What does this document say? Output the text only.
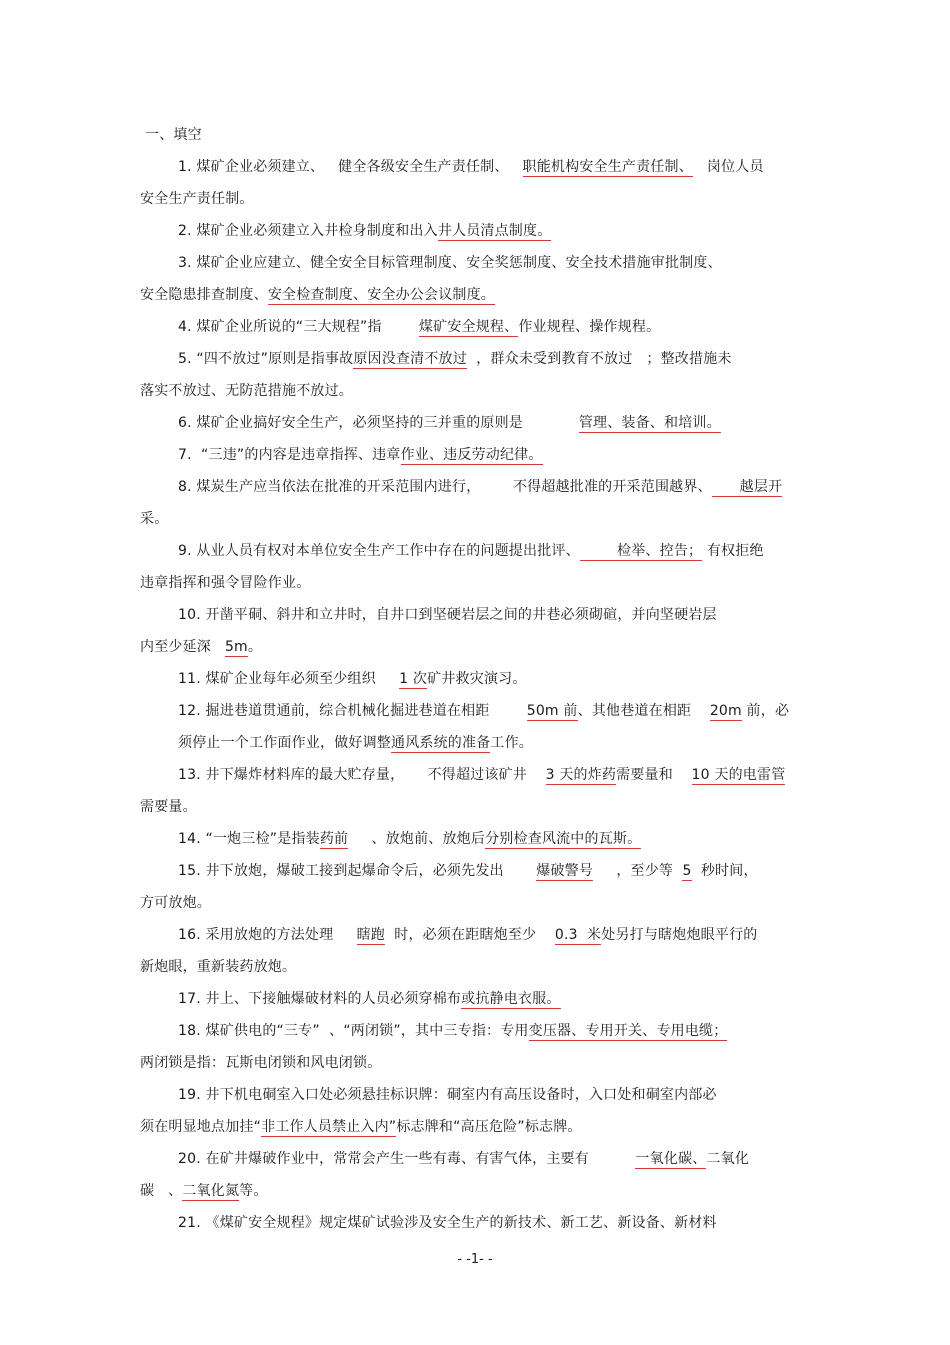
一、填空
1. 煤矿企业必须建立、   健全各级安全生产责任制、   职能机构安全生产责任制、   岗位人员
安全生产责任制。
2. 煤矿企业必须建立入井检身制度和出入井人员清点制度。
3. 煤矿企业应建立、健全安全目标管理制度、安全奖惩制度、安全技术措施审批制度、
安全隐患排查制度、安全检查制度、安全办公会议制度。
4. 煤矿企业所说的“三大规程”指        煤矿安全规程、作业规程、操作规程。
5. “四不放过”原则是指事故原因没查清不放过  ，群众未受到教育不放过   ；整改措施未
落实不放过、无防范措施不放过。
6. 煤矿企业搞好安全生产，必须坚持的三并重的原则是            管理、装备、和培训。
7.  “三违”的内容是违章指挥、违章作业、违反劳动纪律。
8. 煤炭生产应当依法在批准的开采范围内进行，       不得超越批准的开采范围越界、      越层开
采。
9. 从业人员有权对本单位安全生产工作中存在的问题提出批评、        检举、控告； 有权拒绝
违章指挥和强令冒险作业。
10. 开凿平硐、斜井和立井时，自井口到坚硬岩层之间的井巷必须砌碹，并向坚硬岩层
内至少延深   5m。
11. 煤矿企业每年必须至少组织     1 次矿井救灾演习。
12. 掘进巷道贯通前，综合机械化掘进巷道在相距        50m 前、其他巷道在相距    20m 前，必
须停止一个工作面作业，做好调整通风系统的准备工作。
13. 井下爆炸材料库的最大贮存量，     不得超过该矿井    3 天的炸药需要量和    10 天的电雷管
需要量。
14. “一炮三检”是指装药前     、放炮前、放炮后分别检查风流中的瓦斯。
15. 井下放炮，爆破工接到起爆命令后，必须先发出       爆破警号     ，至少等  5  秒时间，
方可放炮。
16. 采用放炮的方法处理     瞎跑  时，必须在距瞎炮至少    0.3  米处另打与瞎炮炮眼平行的
新炮眼，重新装药放炮。
17. 井上、下接触爆破材料的人员必须穿棉布或抗静电衣服。
18. 煤矿供电的“三专”  、“两闭锁”，其中三专指：专用变压器、专用开关、专用电缆；
两闭锁是指：瓦斯电闭锁和风电闭锁。
19. 井下机电硐室入口处必须悬挂标识牌：硐室内有高压设备时，入口处和硐室内部必
须在明显地点加挂“非工作人员禁止入内”标志牌和“高压危险”标志牌。
20. 在矿井爆破作业中，常常会产生一些有毒、有害气体，主要有          一氧化碳、二氧化
碳   、二氧化氮等。
21. 《煤矿安全规程》规定煤矿试验涉及安全生产的新技术、新工艺、新设备、新材料
- -1- -
